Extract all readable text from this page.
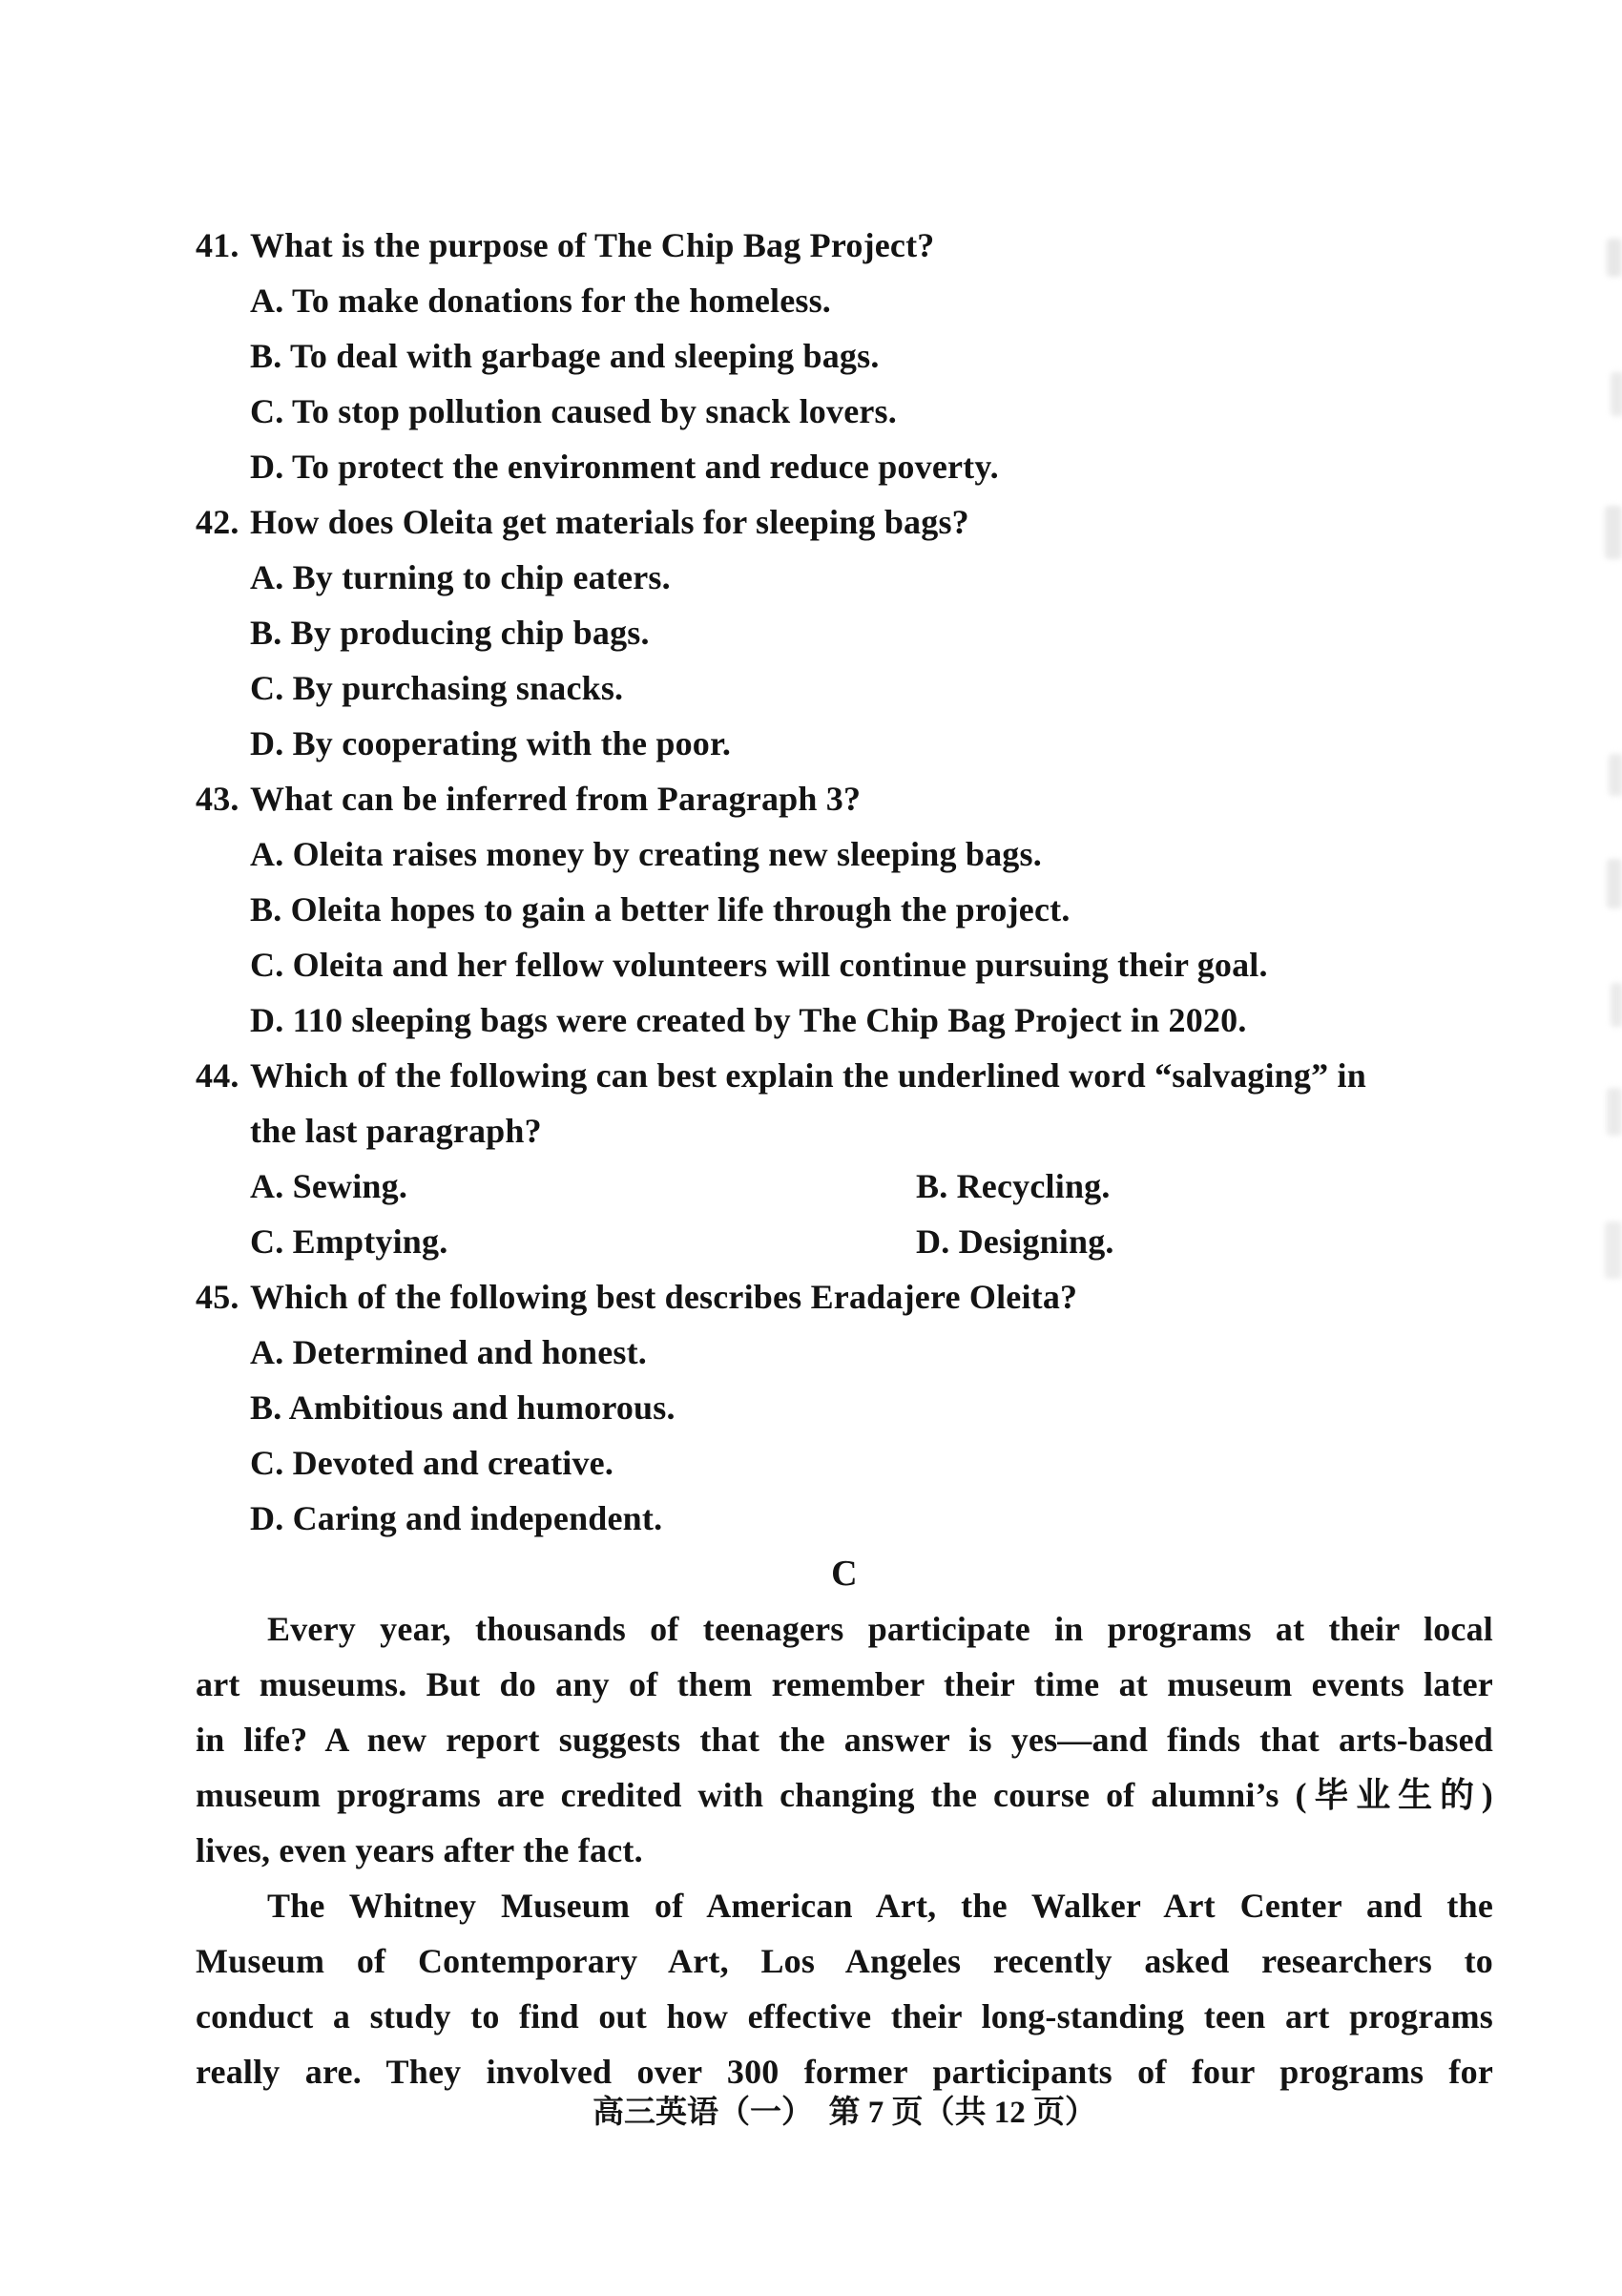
41. What is the purpose of The Chip Bag Project?
A. To make donations for the homeless.
B. To deal with garbage and sleeping bags.
C. To stop pollution caused by snack lovers.
D. To protect the environment and reduce poverty.
42. How does Oleita get materials for sleeping bags?
A. By turning to chip eaters.
B. By producing chip bags.
C. By purchasing snacks.
D. By cooperating with the poor.
43. What can be inferred from Paragraph 3?
A. Oleita raises money by creating new sleeping bags.
B. Oleita hopes to gain a better life through the project.
C. Oleita and her fellow volunteers will continue pursuing their goal.
D. 110 sleeping bags were created by The Chip Bag Project in 2020.
44. Which of the following can best explain the underlined word “salvaging” in
the last paragraph?
A. Sewing.	B. Recycling.
C. Emptying.	D. Designing.
45. Which of the following best describes Eradajere Oleita?
A. Determined and honest.
B. Ambitious and humorous.
C. Devoted and creative.
D. Caring and independent.
C
Every year, thousands of teenagers participate in programs at their local
art museums. But do any of them remember their time at museum events later
in life? A new report suggests that the answer is yes—and finds that arts-based
museum programs are credited with changing the course of alumni’s (毕业生的)
lives, even years after the fact.
The Whitney Museum of American Art, the Walker Art Center and the
Museum of Contemporary Art, Los Angeles recently asked researchers to
conduct a study to find out how effective their long-standing teen art programs
really are. They involved over 300 former participants of four programs for
高三英语（一）　第 7 页（共 12 页）
